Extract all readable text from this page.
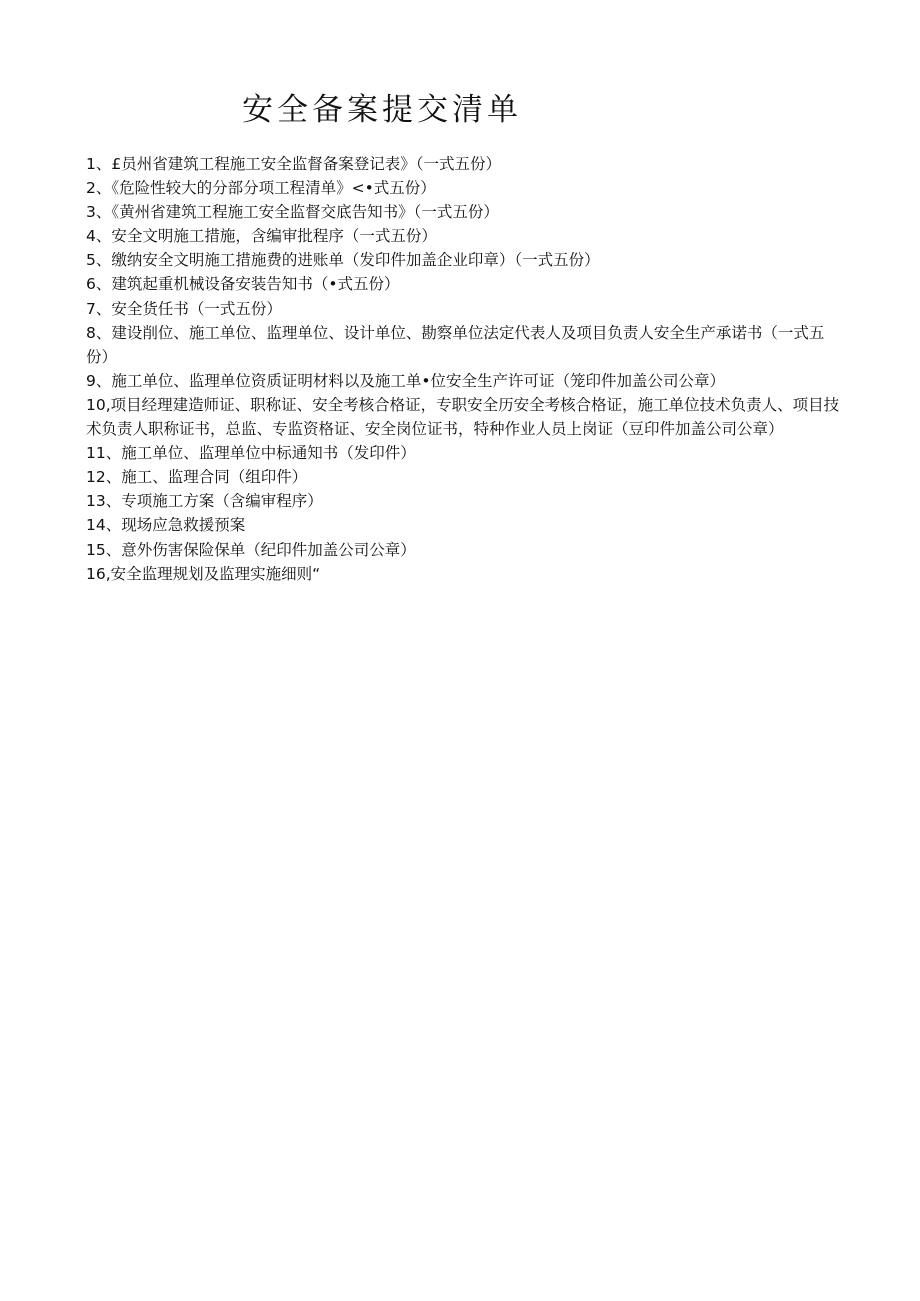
安全备案提交清单

1、£员州省建筑工程施工安全监督备案登记表》（一式五份）

2、《危险性较大的分部分项工程清单》<•式五份）

3、《黄州省建筑工程施工安全监督交底告知书》（一式五份）

4、安全文明施工措施，含编审批程序（一式五份）

5、缴纳安全文明施工措施费的进账单（发印件加盖企业印章）（一式五份）

6、建筑起重机械设备安装告知书（•式五份）

7、安全货任书（一式五份）

8、建设削位、施工单位、监理单位、设计单位、勘察单位法定代表人及项目负责人安全生产承诺书（一式五份）

9、施工单位、监理单位资质证明材料以及施工单•位安全生产许可证（笼印件加盖公司公章）

10,项目经理建造师证、职称证、安全考核合格证，专职安全历安全考核合格证，施工单位技术负责人、项目技术负责人职称证书，总监、专监资格证、安全岗位证书，特种作业人员上岗证（豆印件加盖公司公章）

11、施工单位、监理单位中标通知书（发印件）

12、施工、监理合同（组印件）

13、专项施工方案（含编审程序）

14、现场应急救援预案

15、意外伤害保险保单（纪印件加盖公司公章）

16,安全监理规划及监理实施细则“
